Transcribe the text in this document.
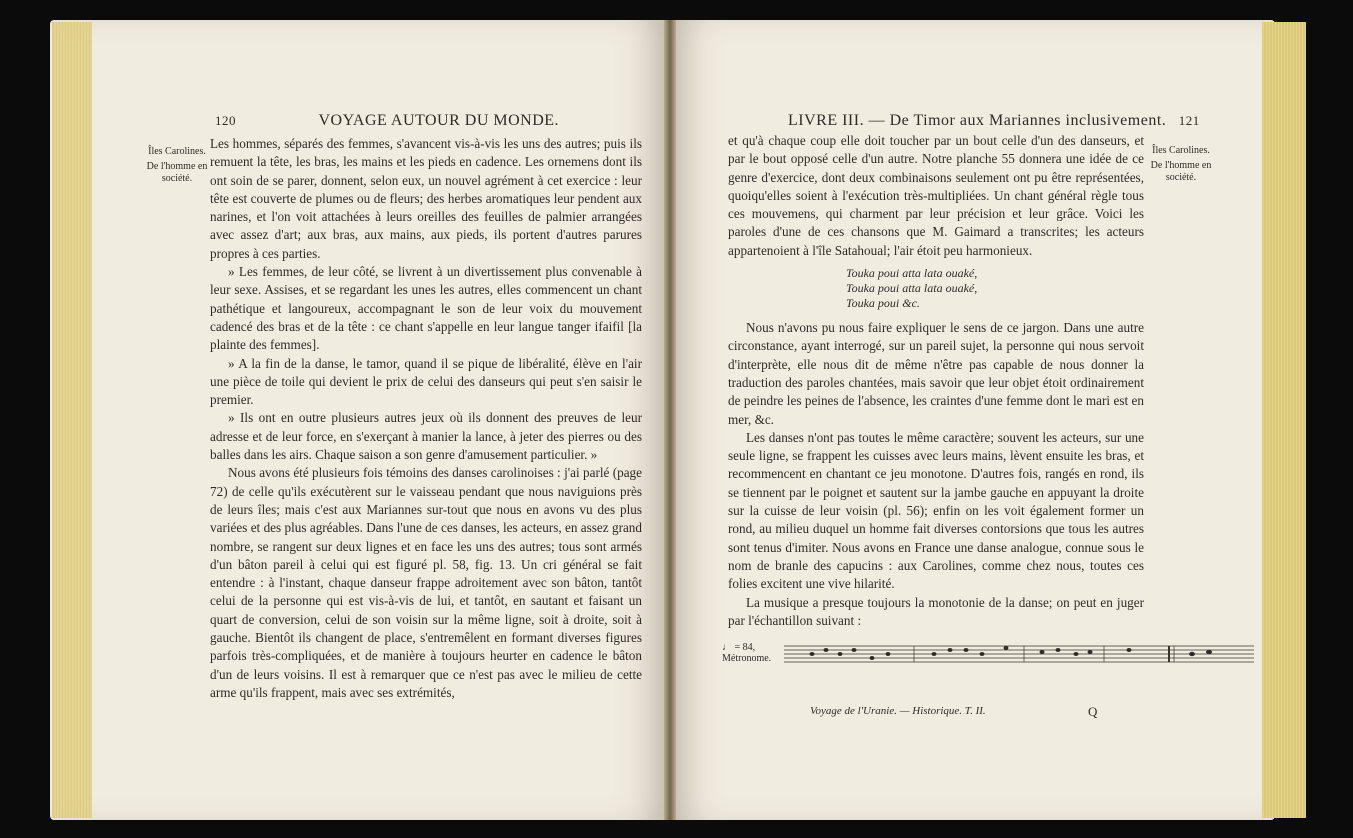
120	VOYAGE AUTOUR DU MONDE.
Îles Carolines.
De l'homme en société.

Les hommes, séparés des femmes, s'avancent vis-à-vis les uns des autres; puis ils remuent la tête, les bras, les mains et les pieds en cadence. Les ornemens dont ils ont soin de se parer, donnent, selon eux, un nouvel agrément à cet exercice : leur tête est couverte de plumes ou de fleurs; des herbes aromatiques leur pendent aux narines, et l'on voit attachées à leurs oreilles des feuilles de palmier arrangées avec assez d'art; aux bras, aux mains, aux pieds, ils portent d'autres parures propres à ces parties.

» Les femmes, de leur côté, se livrent à un divertissement plus convenable à leur sexe. Assises, et se regardant les unes les autres, elles commencent un chant pathétique et langoureux, accompagnant le son de leur voix du mouvement cadencé des bras et de la tête : ce chant s'appelle en leur langue tanger ifaifil [la plainte des femmes].

» A la fin de la danse, le tamor, quand il se pique de libéralité, élève en l'air une pièce de toile qui devient le prix de celui des danseurs qui peut s'en saisir le premier.

» Ils ont en outre plusieurs autres jeux où ils donnent des preuves de leur adresse et de leur force, en s'exerçant à manier la lance, à jeter des pierres ou des balles dans les airs. Chaque saison a son genre d'amusement particulier. »

Nous avons été plusieurs fois témoins des danses carolinoises : j'ai parlé (page 72) de celle qu'ils exécutèrent sur le vaisseau pendant que nous naviguions près de leurs îles; mais c'est aux Mariannes sur-tout que nous en avons vu des plus variées et des plus agréables. Dans l'une de ces danses, les acteurs, en assez grand nombre, se rangent sur deux lignes et en face les uns des autres; tous sont armés d'un bâton pareil à celui qui est figuré pl. 58, fig. 13. Un cri général se fait entendre : à l'instant, chaque danseur frappe adroitement avec son bâton, tantôt celui de la personne qui est vis-à-vis de lui, et tantôt, en sautant et faisant un quart de conversion, celui de son voisin sur la même ligne, soit à droite, soit à gauche. Bientôt ils changent de place, s'entremêlent en formant diverses figures parfois très-compliquées, et de manière à toujours heurter en cadence le bâton d'un de leurs voisins. Il est à remarquer que ce n'est pas avec le milieu de cette arme qu'ils frappent, mais avec ses extrémités,

LIVRE III. — De Timor aux Mariannes inclusivement. 121

et qu'à chaque coup elle doit toucher par un bout celle d'un des danseurs, et par le bout opposé celle d'un autre. Notre planche 55 donnera une idée de ce genre d'exercice, dont deux combinaisons seulement ont pu être représentées, quoiqu'elles soient à l'exécution très-multipliées. Un chant général règle tous ces mouvemens, qui charment par leur précision et leur grâce. Voici les paroles d'une de ces chansons que M. Gaimard a transcrites; les acteurs appartenoient à l'île Satahoual; l'air étoit peu harmonieux.

Touka poui atta lata ouaké,
Touka poui atta lata ouaké,
Touka poui &c.

Nous n'avons pu nous faire expliquer le sens de ce jargon. Dans une autre circonstance, ayant interrogé, sur un pareil sujet, la personne qui nous servoit d'interprète, elle nous dit de même n'être pas capable de nous donner la traduction des paroles chantées, mais savoir que leur objet étoit ordinairement de peindre les peines de l'absence, les craintes d'une femme dont le mari est en mer, &c.

Les danses n'ont pas toutes le même caractère; souvent les acteurs, sur une seule ligne, se frappent les cuisses avec leurs mains, lèvent ensuite les bras, et recommencent en chantant ce jeu monotone. D'autres fois, rangés en rond, ils se tiennent par le poignet et sautent sur la jambe gauche en appuyant la droite sur la cuisse de leur voisin (pl. 56); enfin on les voit également former un rond, au milieu duquel un homme fait diverses contorsions que tous les autres sont tenus d'imiter. Nous avons en France une danse analogue, connue sous le nom de branle des capucins : aux Carolines, comme chez nous, toutes ces folies excitent une vive hilarité.

La musique a presque toujours la monotonie de la danse; on peut en juger par l'échantillon suivant :

Îles Carolines.
De l'homme en société.
♩ = 84,
Métronome.
Voyage de l'Uranie. — Historique. T. II.	Q
